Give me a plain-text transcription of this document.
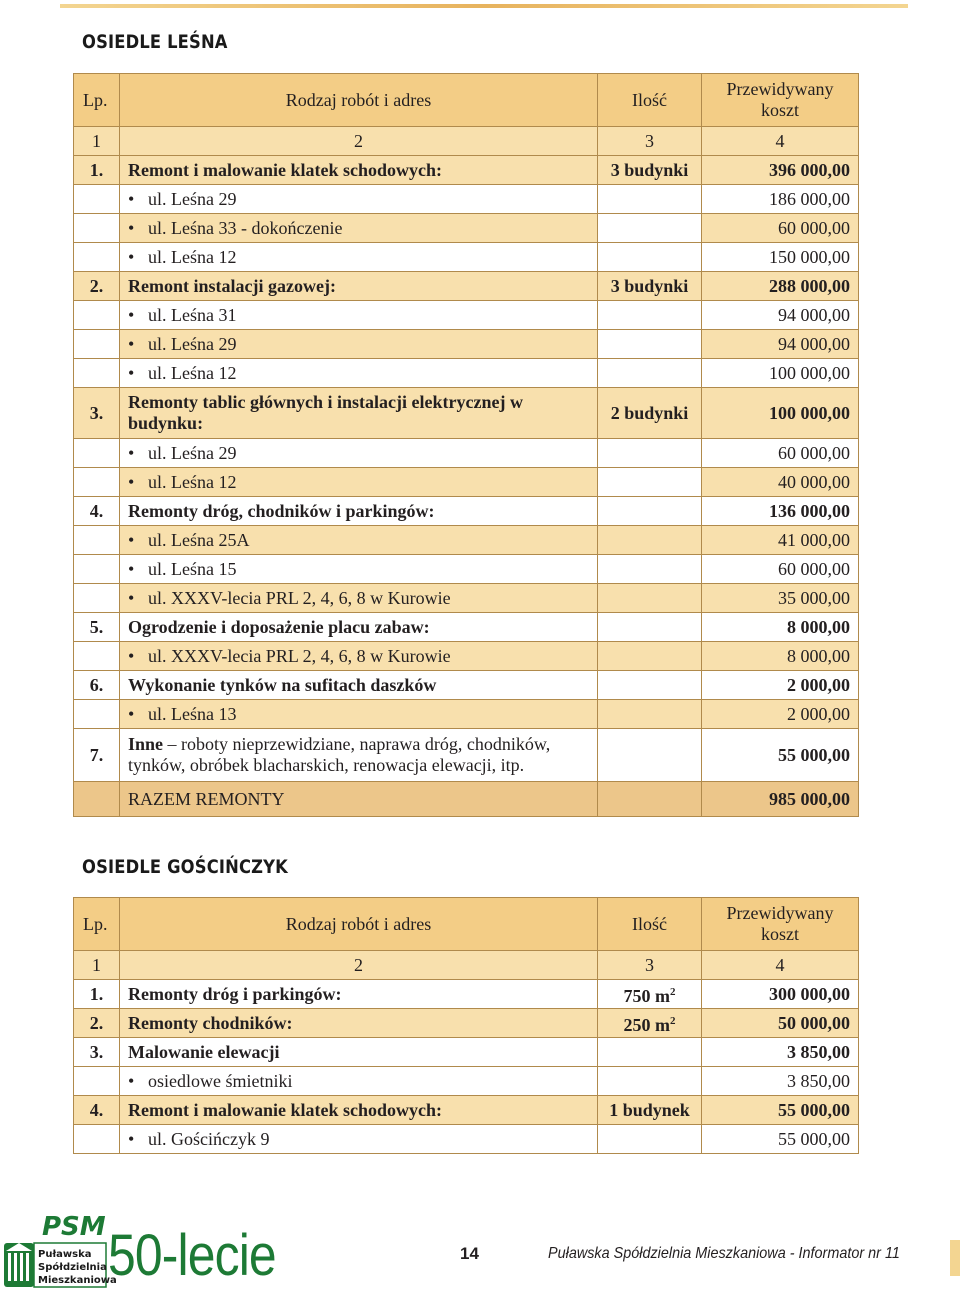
OSIEDLE LEŚNA
Lp.	Rodzaj robót i adres	Ilość	Przewidywany koszt
1	2	3	4
1.	Remont i malowanie klatek schodowych:	3 budynki	396 000,00
	• ul. Leśna 29		186 000,00
	• ul. Leśna 33 - dokończenie		60 000,00
	• ul. Leśna 12		150 000,00
2.	Remont instalacji gazowej:	3 budynki	288 000,00
	• ul. Leśna 31		94 000,00
	• ul. Leśna 29		94 000,00
	• ul. Leśna 12		100 000,00
3.	Remonty tablic głównych i instalacji elektrycznej w budynku:	2 budynki	100 000,00
	• ul. Leśna 29		60 000,00
	• ul. Leśna 12		40 000,00
4.	Remonty dróg, chodników i parkingów:		136 000,00
	• ul. Leśna 25A		41 000,00
	• ul. Leśna 15		60 000,00
	• ul. XXXV-lecia PRL 2, 4, 6, 8 w Kurowie		35 000,00
5.	Ogrodzenie i doposażenie placu zabaw:		8 000,00
	• ul. XXXV-lecia PRL 2, 4, 6, 8 w Kurowie		8 000,00
6.	Wykonanie tynków na sufitach daszków		2 000,00
	• ul. Leśna 13		2 000,00
7.	Inne – roboty nieprzewidziane, naprawa dróg, chodników, tynków, obróbek blacharskich, renowacja elewacji, itp.		55 000,00
	RAZEM REMONTY		985 000,00
OSIEDLE GOŚCIŃCZYK
Lp.	Rodzaj robót i adres	Ilość	Przewidywany koszt
1	2	3	4
1.	Remonty dróg i parkingów:	750 $m^2$	300 000,00
2.	Remonty chodników:	250 $m^2$	50 000,00
3.	Malowanie elewacji		3 850,00
	• osiedlowe śmietniki		3 850,00
4.	Remont i malowanie klatek schodowych:	1 budynek	55 000,00
	• ul. Gościńczyk 9		55 000,00
PSM
Puławska
Spółdzielnia
Mieszkaniowa
50-lecie	14	Puławska Spółdzielnia Mieszkaniowa - Informator nr 11
